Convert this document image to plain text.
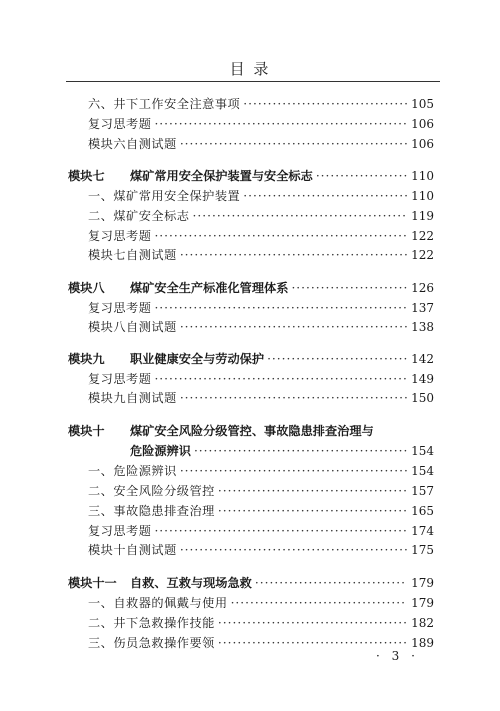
目 录
六、井下工作安全注意事项 ·····	105
复习思考题 ·····	106
模块六自测试题 ·····	106
模块七 煤矿常用安全保护装置与安全标志 ·····	110
一、煤矿常用安全保护装置 ·····	110
二、煤矿安全标志 ·····	119
复习思考题 ·····	122
模块七自测试题 ·····	122
模块八 煤矿安全生产标准化管理体系 ·····	126
复习思考题 ·····	137
模块八自测试题 ·····	138
模块九 职业健康安全与劳动保护 ·····	142
复习思考题 ·····	149
模块九自测试题 ·····	150
模块十 煤矿安全风险分级管控、事故隐患排查治理与
危险源辨识 ·····	154
一、危险源辨识 ·····	154
二、安全风险分级管控 ·····	157
三、事故隐患排查治理 ·····	165
复习思考题 ·····	174
模块十自测试题 ·····	175
模块十一 自救、互救与现场急救 ·····	179
一、自救器的佩戴与使用 ·····	179
二、井下急救操作技能 ·····	182
三、伤员急救操作要领 ·····	189
· 3 ·
